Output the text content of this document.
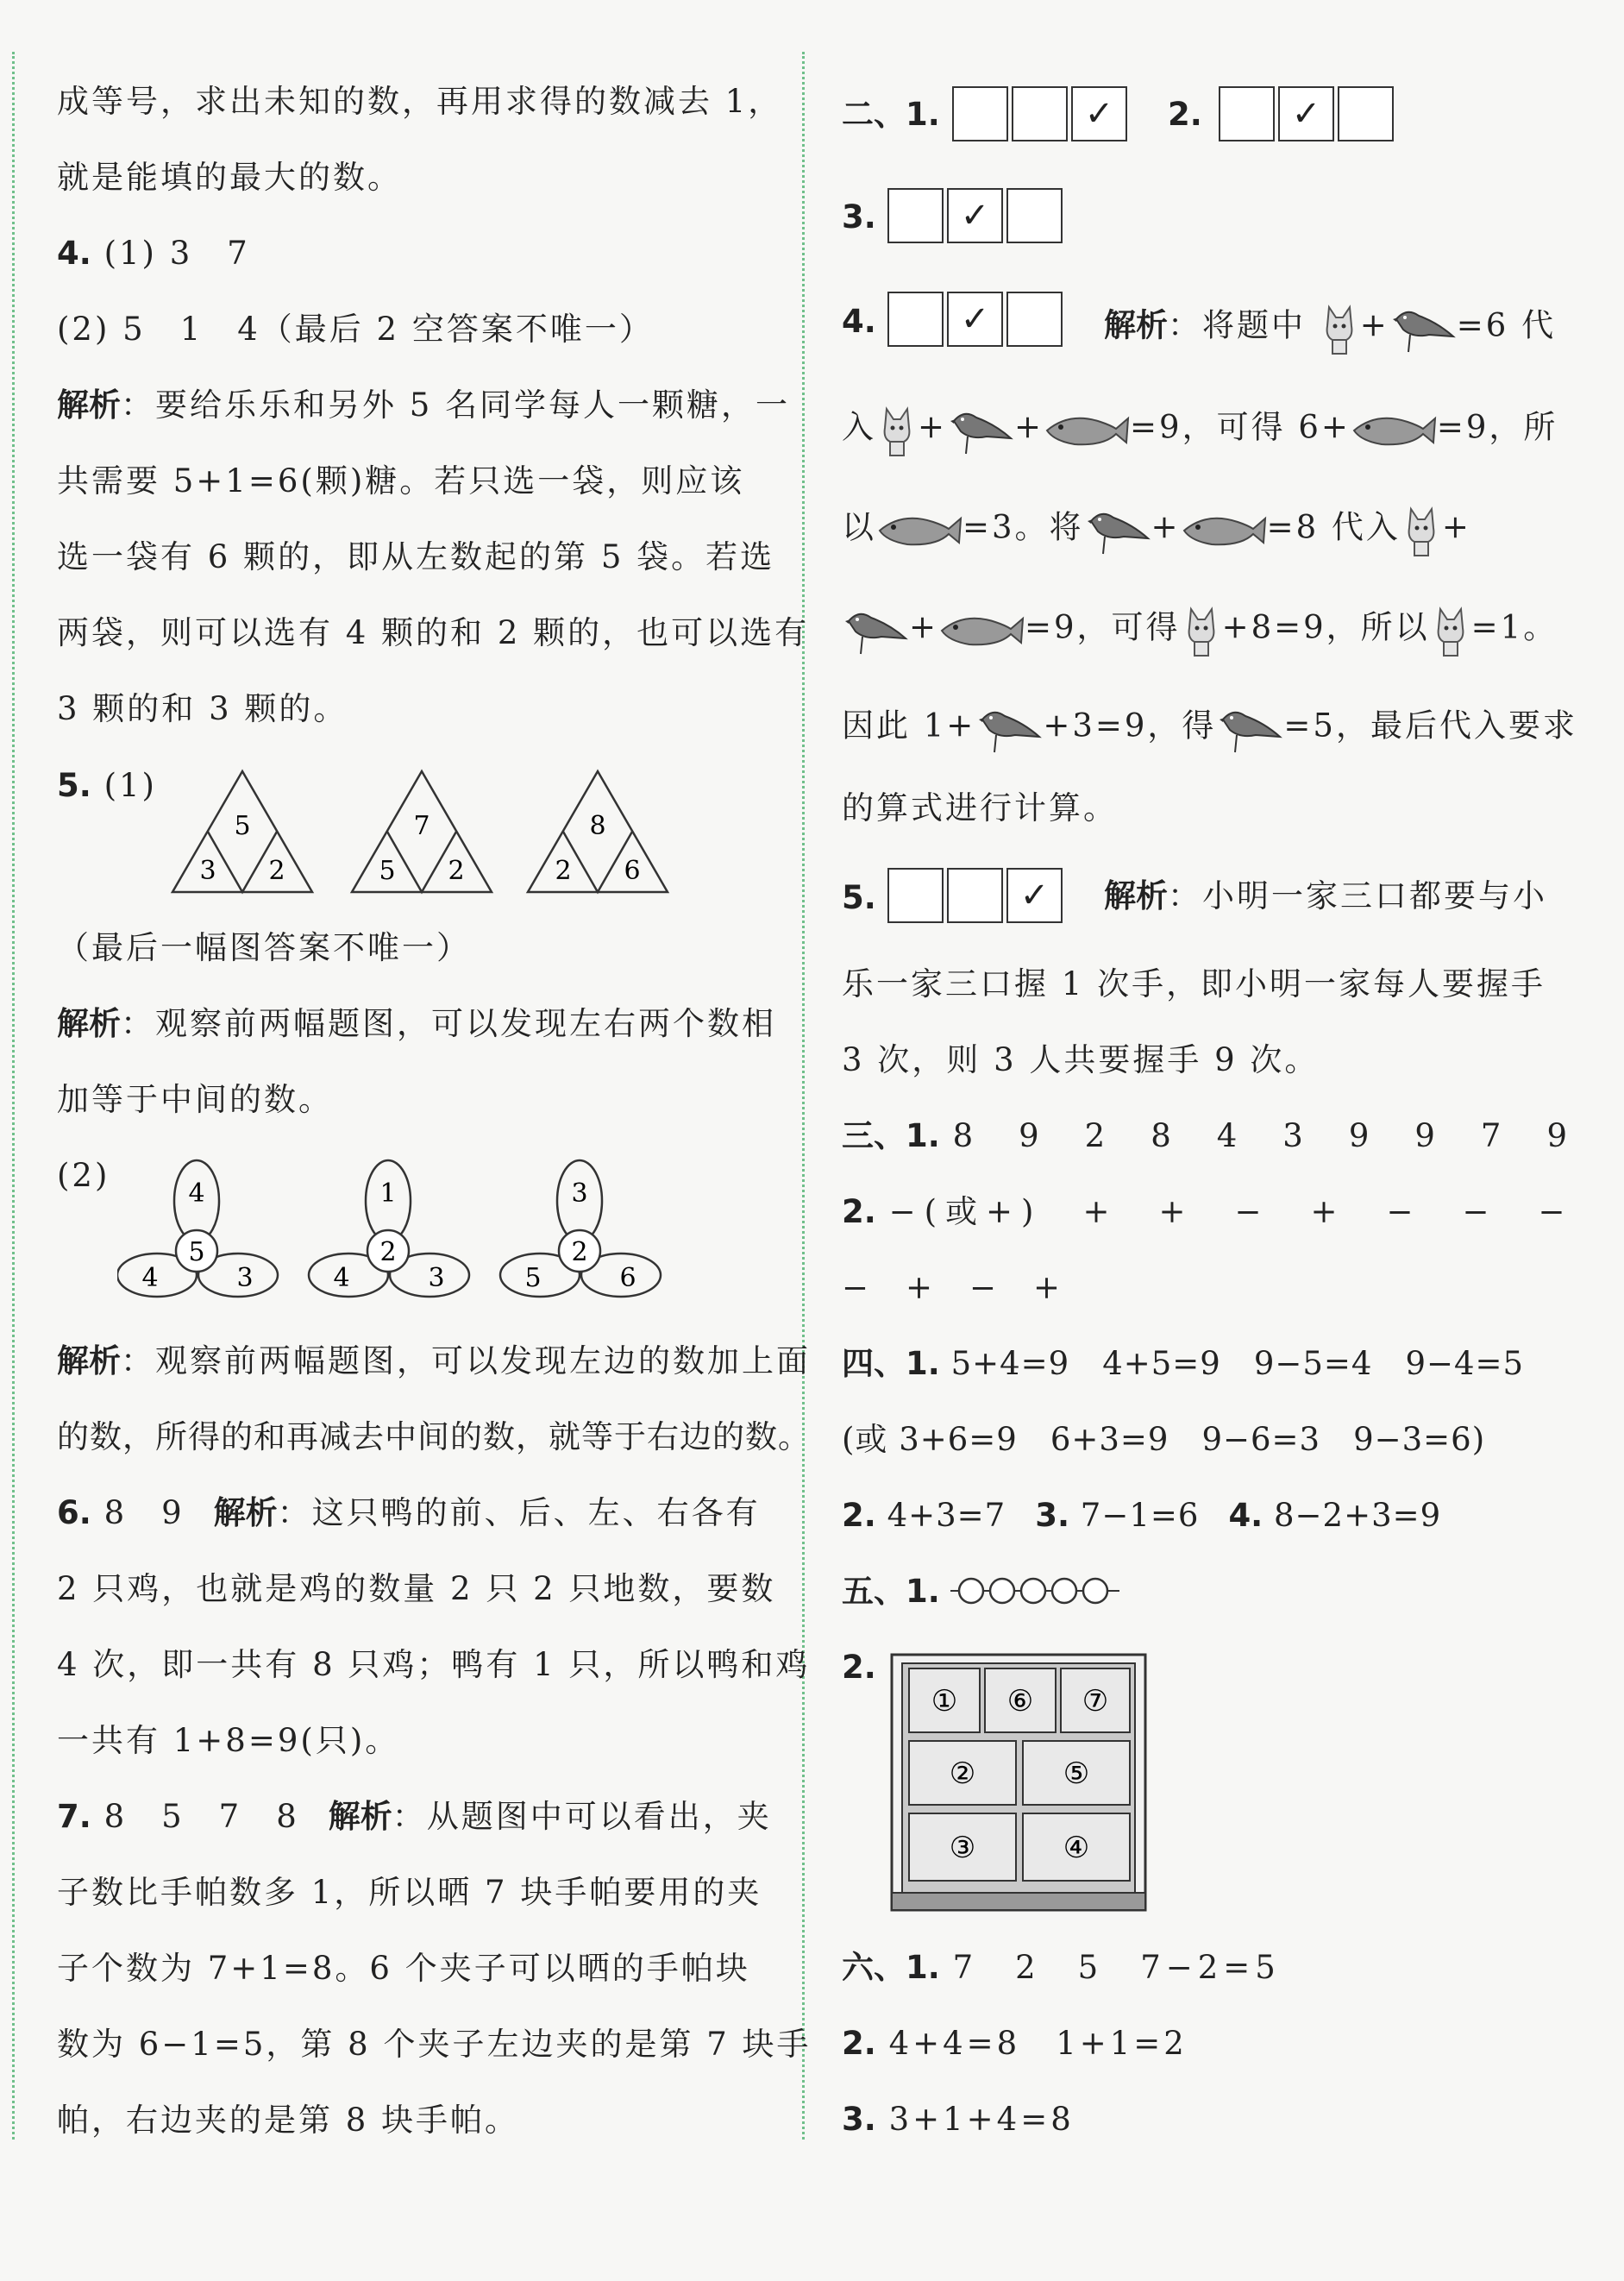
成等号，求出未知的数，再用求得的数减去 1，
就是能填的最大的数。
4. (1) 3　7
(2) 5　1　4（最后 2 空答案不唯一）
解析：要给乐乐和另外 5 名同学每人一颗糖，一
共需要 5+1=6(颗)糖。若只选一袋，则应该
选一袋有 6 颗的，即从左数起的第 5 袋。若选
两袋，则可以选有 4 颗的和 2 颗的，也可以选有
3 颗的和 3 颗的。
5. (1)
5
3 2
7
5 2
8
2 6
（最后一幅图答案不唯一）
解析：观察前两幅题图，可以发现左右两个数相
加等于中间的数。
(2)	4
5
4	3
1
2
4	3
3
2
5	6
解析：观察前两幅题图，可以发现左边的数加上面
的数，所得的和再减去中间的数，就等于右边的数。
6. 8　9 解析：这只鸭的前、后、左、右各有
2 只鸡，也就是鸡的数量 2 只 2 只地数，要数
4 次，即一共有 8 只鸡；鸭有 1 只，所以鸭和鸡
一共有 1+8=9(只)。
7. 8　5　7　8 解析：从题图中可以看出，夹
子数比手帕数多 1，所以晒 7 块手帕要用的夹
子个数为 7+1=8。6 个夹子可以晒的手帕块
数为 6−1=5，第 8 个夹子左边夹的是第 7 块手
帕，右边夹的是第 8 块手帕。
二、1.	✓	2.	✓
3.	✓
4.	✓	解析：将题中 + =6 代
入 + +	=9，可得 6+	=9，所
以	=3。将 +	=8 代入 +
+	=9，可得 +8=9，所以 =1。
因此 1+ +3=9，得 =5，最后代入要求
的算式进行计算。
5.	✓	解析：小明一家三口都要与小
乐一家三口握 1 次手，即小明一家每人要握手
3 次，则 3 人共要握手 9 次。
三、1. 8　9　2　8　4　3　9　9　7　9
2. −(或+)　+　+　−　+　−　−　−
−　+　−　+
四、1. 5+4=9　4+5=9　9−5=4　9−4=5
(或 3+6=9　6+3=9　9−6=3　9−3=6)
2. 4+3=7 3. 7−1=6 4. 8−2+3=9
五、1.
2.
① ⑥ ⑦
②	⑤
③	④
六、1. 7　2　5　7−2=5
2. 4+4=8　1+1=2
3. 3+1+4=8
